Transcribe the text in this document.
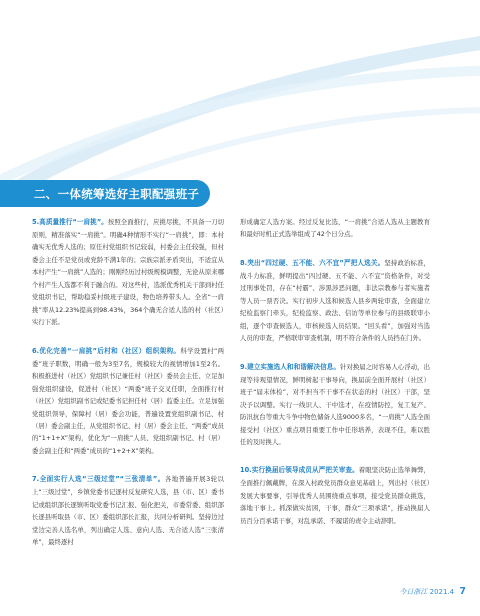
二、一体统筹选好主职配强班子

5.高质量推行“一肩挑”。按照全面推行，应挑尽挑，不具备一刀切原则，精准落实“一肩挑”。明确4种情形不实行“一肩挑”，即：本村确实无优秀人选的；原任村党组织书记较弱，村委会主任较强，但村委会主任不是党员或党龄不满1年的；宗族宗派矛盾突出，不适宜从本村产生“一肩挑”人选的；刚刚经历过村级规模调整，无论从原来哪个村产生人选都不利于融合的。对这些村，选派优秀机关干部到村任党组织书记，帮助稳妥村级班子建设，物色培养带头人。全省“一肩挑”率从12.23%提高到98.43%，364个确无合适人选的村（社区）实行下派。

6.优化完善“一肩挑”后村和（社区）组织架构。科学设置村“两委”班子职数，明确一般为3至7名，规模较大的视情增加1至2名。积极推进村（社区）党组织书记兼任村（社区）委员会主任、立足加强党组织建设，促进村（社区）“两委”班子交叉任职，全面推行村（社区）党组织副书记或纪委书记担任村（居）监委主任。立足加强党组织领导，保障村（居）委会功能，普遍设置党组织副书记、村（居）委会副主任，从党组织书记、村（居）委会主任、“两委”成员的“1+1+X”架构，优化为“一肩挑”人员、党组织副书记、村（居）委会副主任和“两委”成员的“1+2+X”架构。

7.全面实行人选“三级过堂”“三张清单”。各地普遍开展3轮以上“三级过堂”，乡镇党委书记逐村反复研究人选，县（市、区）委书记或组织部长逐镇听取党委书记汇报、强化把关，市委常委、组织部长逐县听取县（市、区）委组织部长汇报，共同分析研判。坚持边过堂边完善人选名单，列出确定人选、意向人选、无合适人选“三张清单”，最终逐村

形成确定人选方案。经过反复比选，“一肩挑”合适人选从主题教育和最好时机正式选举组成了42个日分点。

8.突出“四过硬、五不能、六不宜”严把人选关。坚持政治标准，战斗力标准，鲜明提出“四过硬、五不能、六不宜”资格条件，对受过刑事处罚，存在“村霸”、涉黑涉恶问题，非法宗教参与者实施者等人员一票否决。实行初步人选和候选人县乡两轮审查，全面建立纪检监察门牵头，纪检监察、政法、信访等单位参与的县级联审小组，逐个审查候选人，审核候选人员结果。“回头看”，加强对当选人员的审查，严格联审审查机制，明不符合条件的人员挡在门外。

9.建立实施选人和和谐解决信息。针对换届之时容易人心浮动，出现等待观望情况，鲜明树起干事导向，换届前全面开展村（社区）班子“届末体检”，对不担当不干事不在状态的村（社区）干部，坚决予以调整。实行一线识人、干中选才，在疫情防控，复工复产、防汛抗台等重大斗争中物色储备人选9000多名，“一肩挑”人选全面接受村（社区）重点项目重要工作中任形培养，表现不佳，难以胜任的及时换人。

10.实行换届后领导成员从严把关审查。着眼坚决防止选举舞弊，全面推行佩戴牌，在深入村政党员群众意见基础上，列出村（社区）发展大事要事，引导优秀人员围绕重点事项，接受党员群众挑选，落地干事上。抓深做实贫困，干事，群众“三项承诺”，推动换届人员百分百承诺干事，对乱承诺、不履诺的责令主动辞职。

今日浙江 2021.4 7
